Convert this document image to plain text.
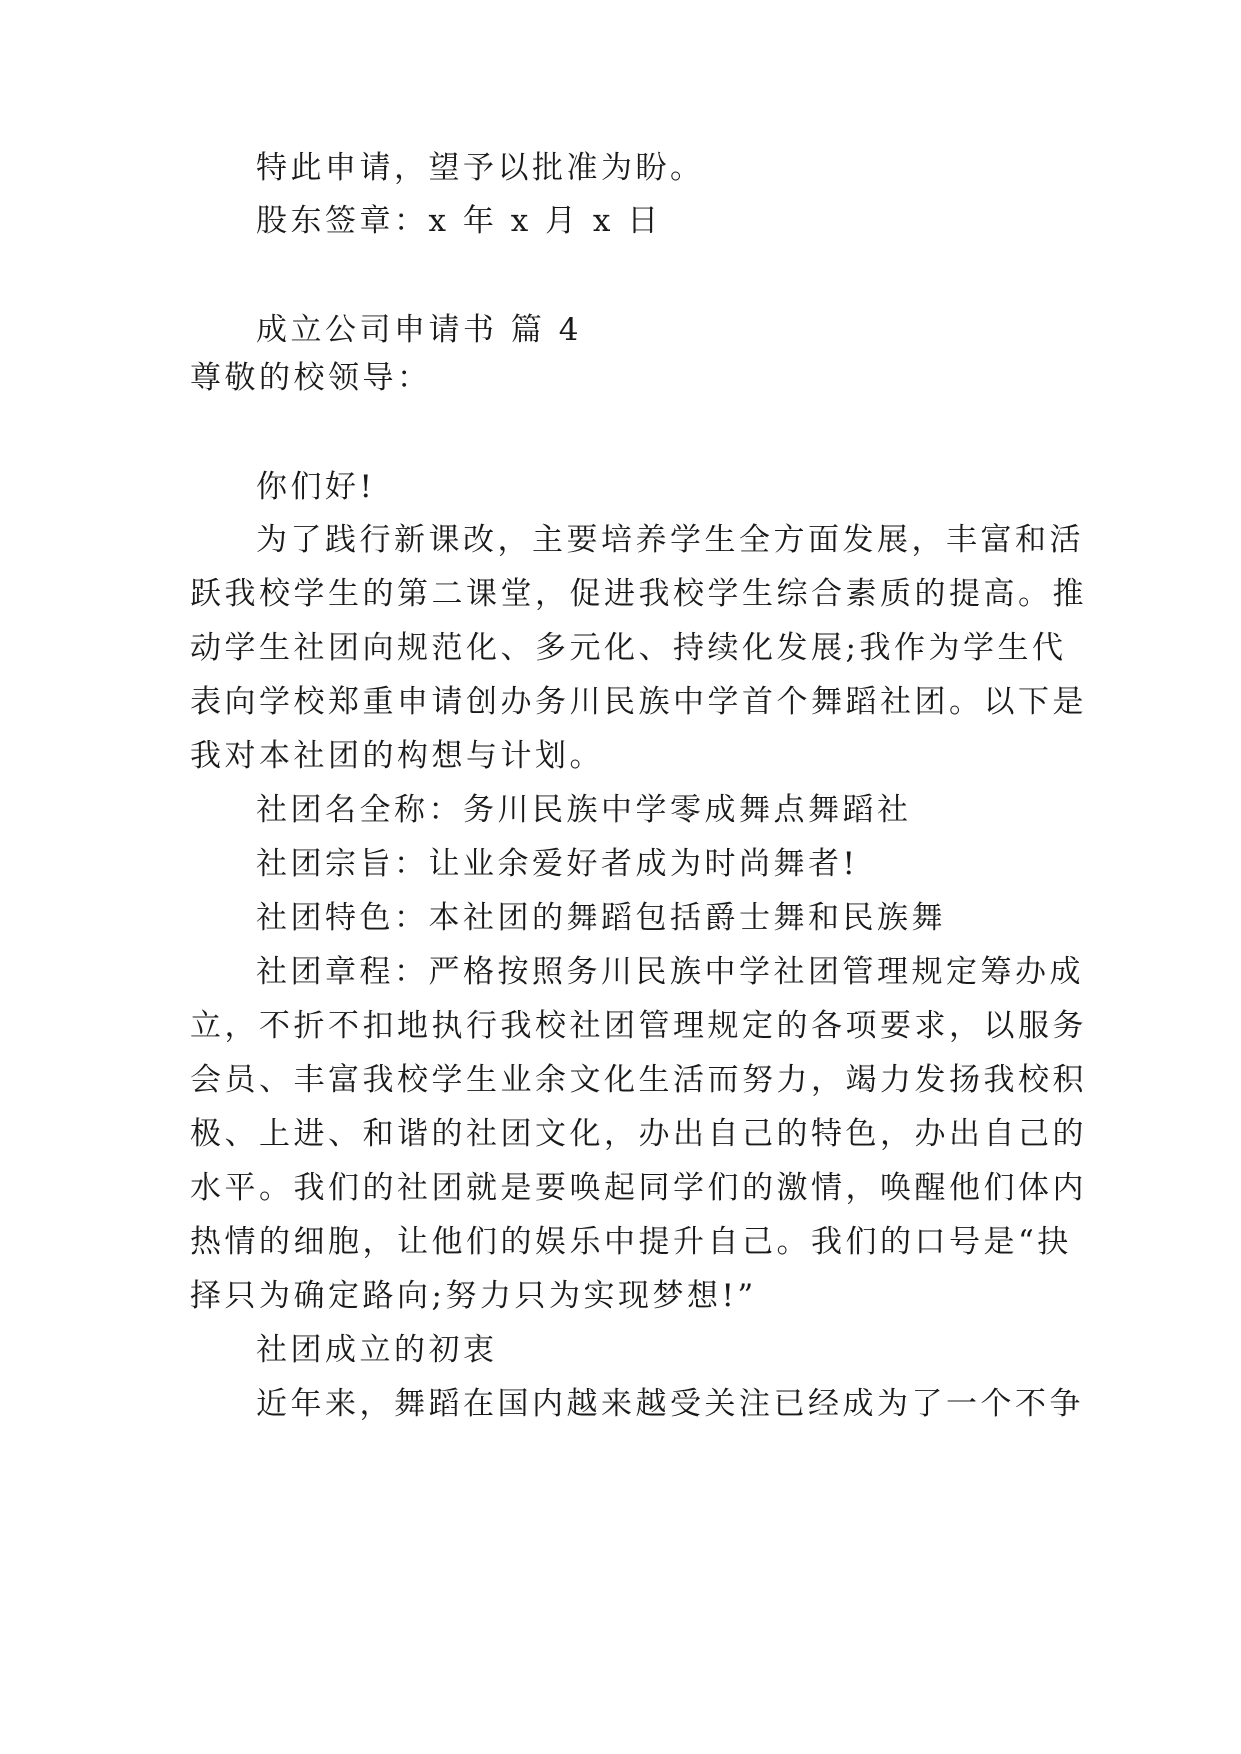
特此申请，望予以批准为盼。
股东签章：x 年 x 月 x 日
成立公司申请书 篇 4
尊敬的校领导：
你们好!
为了践行新课改，主要培养学生全方面发展，丰富和活
跃我校学生的第二课堂，促进我校学生综合素质的提高。推
动学生社团向规范化、多元化、持续化发展;我作为学生代
表向学校郑重申请创办务川民族中学首个舞蹈社团。以下是
我对本社团的构想与计划。
社团名全称：务川民族中学零成舞点舞蹈社
社团宗旨：让业余爱好者成为时尚舞者!
社团特色：本社团的舞蹈包括爵士舞和民族舞
社团章程：严格按照务川民族中学社团管理规定筹办成
立，不折不扣地执行我校社团管理规定的各项要求，以服务
会员、丰富我校学生业余文化生活而努力，竭力发扬我校积
极、上进、和谐的社团文化，办出自己的特色，办出自己的
水平。我们的社团就是要唤起同学们的激情，唤醒他们体内
热情的细胞，让他们的娱乐中提升自己。我们的口号是“抉
择只为确定路向;努力只为实现梦想!”
社团成立的初衷
近年来，舞蹈在国内越来越受关注已经成为了一个不争
